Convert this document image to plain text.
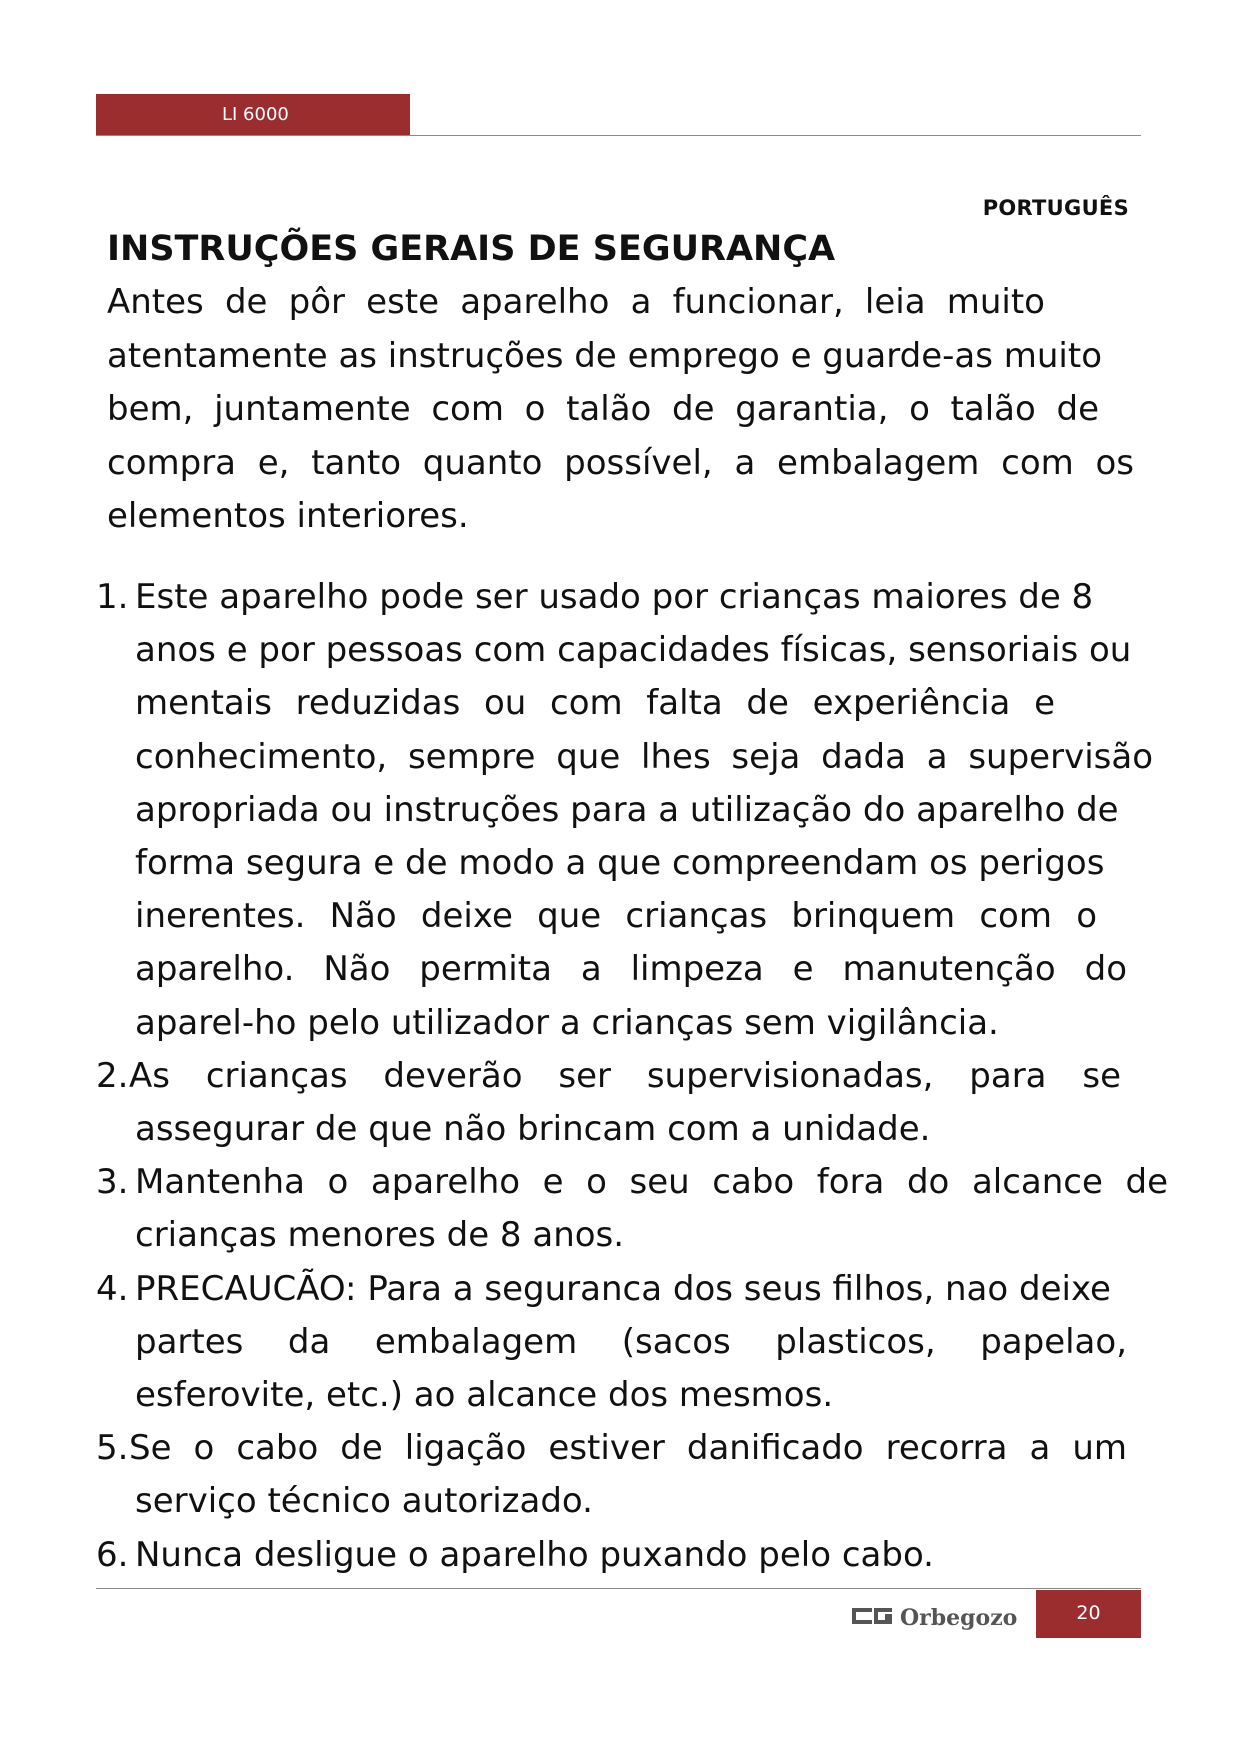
LI 6000
PORTUGUÊS
INSTRUÇÕES GERAIS DE SEGURANÇA
Antes de pôr este aparelho a funcionar, leia muito
atentamente as instruções de emprego e guarde-as muito
bem, juntamente com o talão de garantia, o talão de
compra e, tanto quanto possível, a embalagem com os
elementos interiores.
1. Este aparelho pode ser usado por crianças maiores de 8
anos e por pessoas com capacidades físicas, sensoriais ou
mentais reduzidas ou com falta de experiência e
conhecimento, sempre que lhes seja dada a supervisão
apropriada ou instruções para a utilização do aparelho de
forma segura e de modo a que compreendam os perigos
inerentes. Não deixe que crianças brinquem com o
aparelho. Não permita a limpeza e manutenção do
aparel-ho pelo utilizador a crianças sem vigilância.
2. As crianças deverão ser supervisionadas, para se
assegurar de que não brincam com a unidade.
3. Mantenha o aparelho e o seu cabo fora do alcance de
crianças menores de 8 anos.
4. PRECAUCÃO: Para a seguranca dos seus filhos, nao deixe
partes da embalagem (sacos plasticos, papelao,
esferovite, etc.) ao alcance dos mesmos.
5. Se o cabo de ligação estiver danificado recorra a um
serviço técnico autorizado.
6. Nunca desligue o aparelho puxando pelo cabo.
Orbegozo	20
